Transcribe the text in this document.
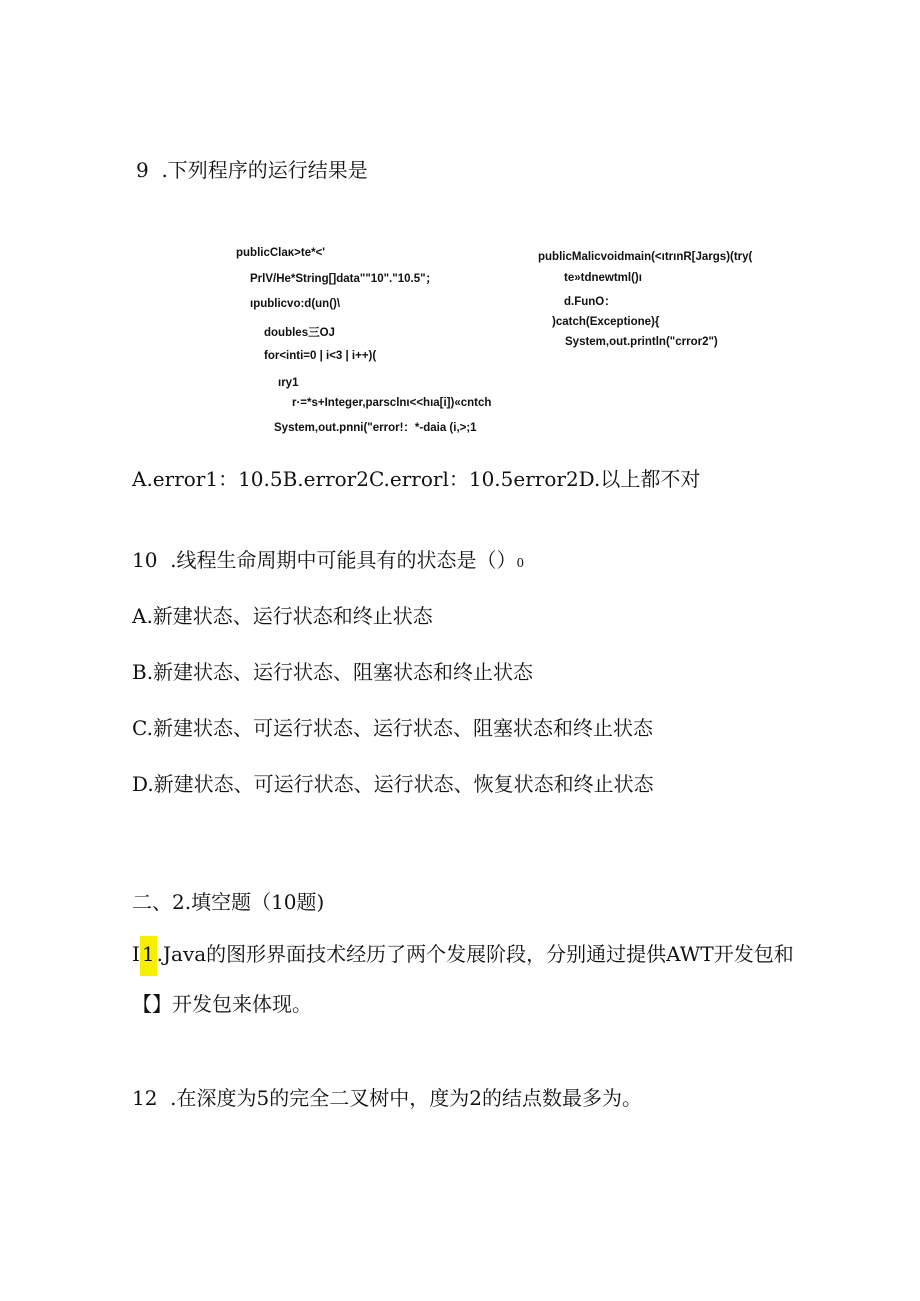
9 .下列程序的运行结果是
publicClaĸ>te*<'
PrlV/He*String[]data""10"."10.5"；
ıpublicvo:d(un()\
doubles三OJ
for<inti=0 | i<3 | i++)(
ıry1
r·=*s+Integer,parsclnι<<hıa[i])«cntch
System,out.pnni("error!：*-daia (i,>;1
publicMalicvoidmain(<ıtrınR[Jargs)(try(
te»tdnewtml()ı
d.FunO：
)catch(Exceptione){
System,out.println("crror2")
A.error1：10.5B.error2C.errorl：10.5error2D.以上都不对
10 .线程生命周期中可能具有的状态是（）0
A.新建状态、运行状态和终止状态
B.新建状态、运行状态、阻塞状态和终止状态
C.新建状态、可运行状态、运行状态、阻塞状态和终止状态
D.新建状态、可运行状态、运行状态、恢复状态和终止状态
二、2.填空题（10题)
I 1 .Java的图形界面技术经历了两个发展阶段，分别通过提供AWT开发包和
【】开发包来体现。
12 .在深度为5的完全二叉树中，度为2的结点数最多为。
